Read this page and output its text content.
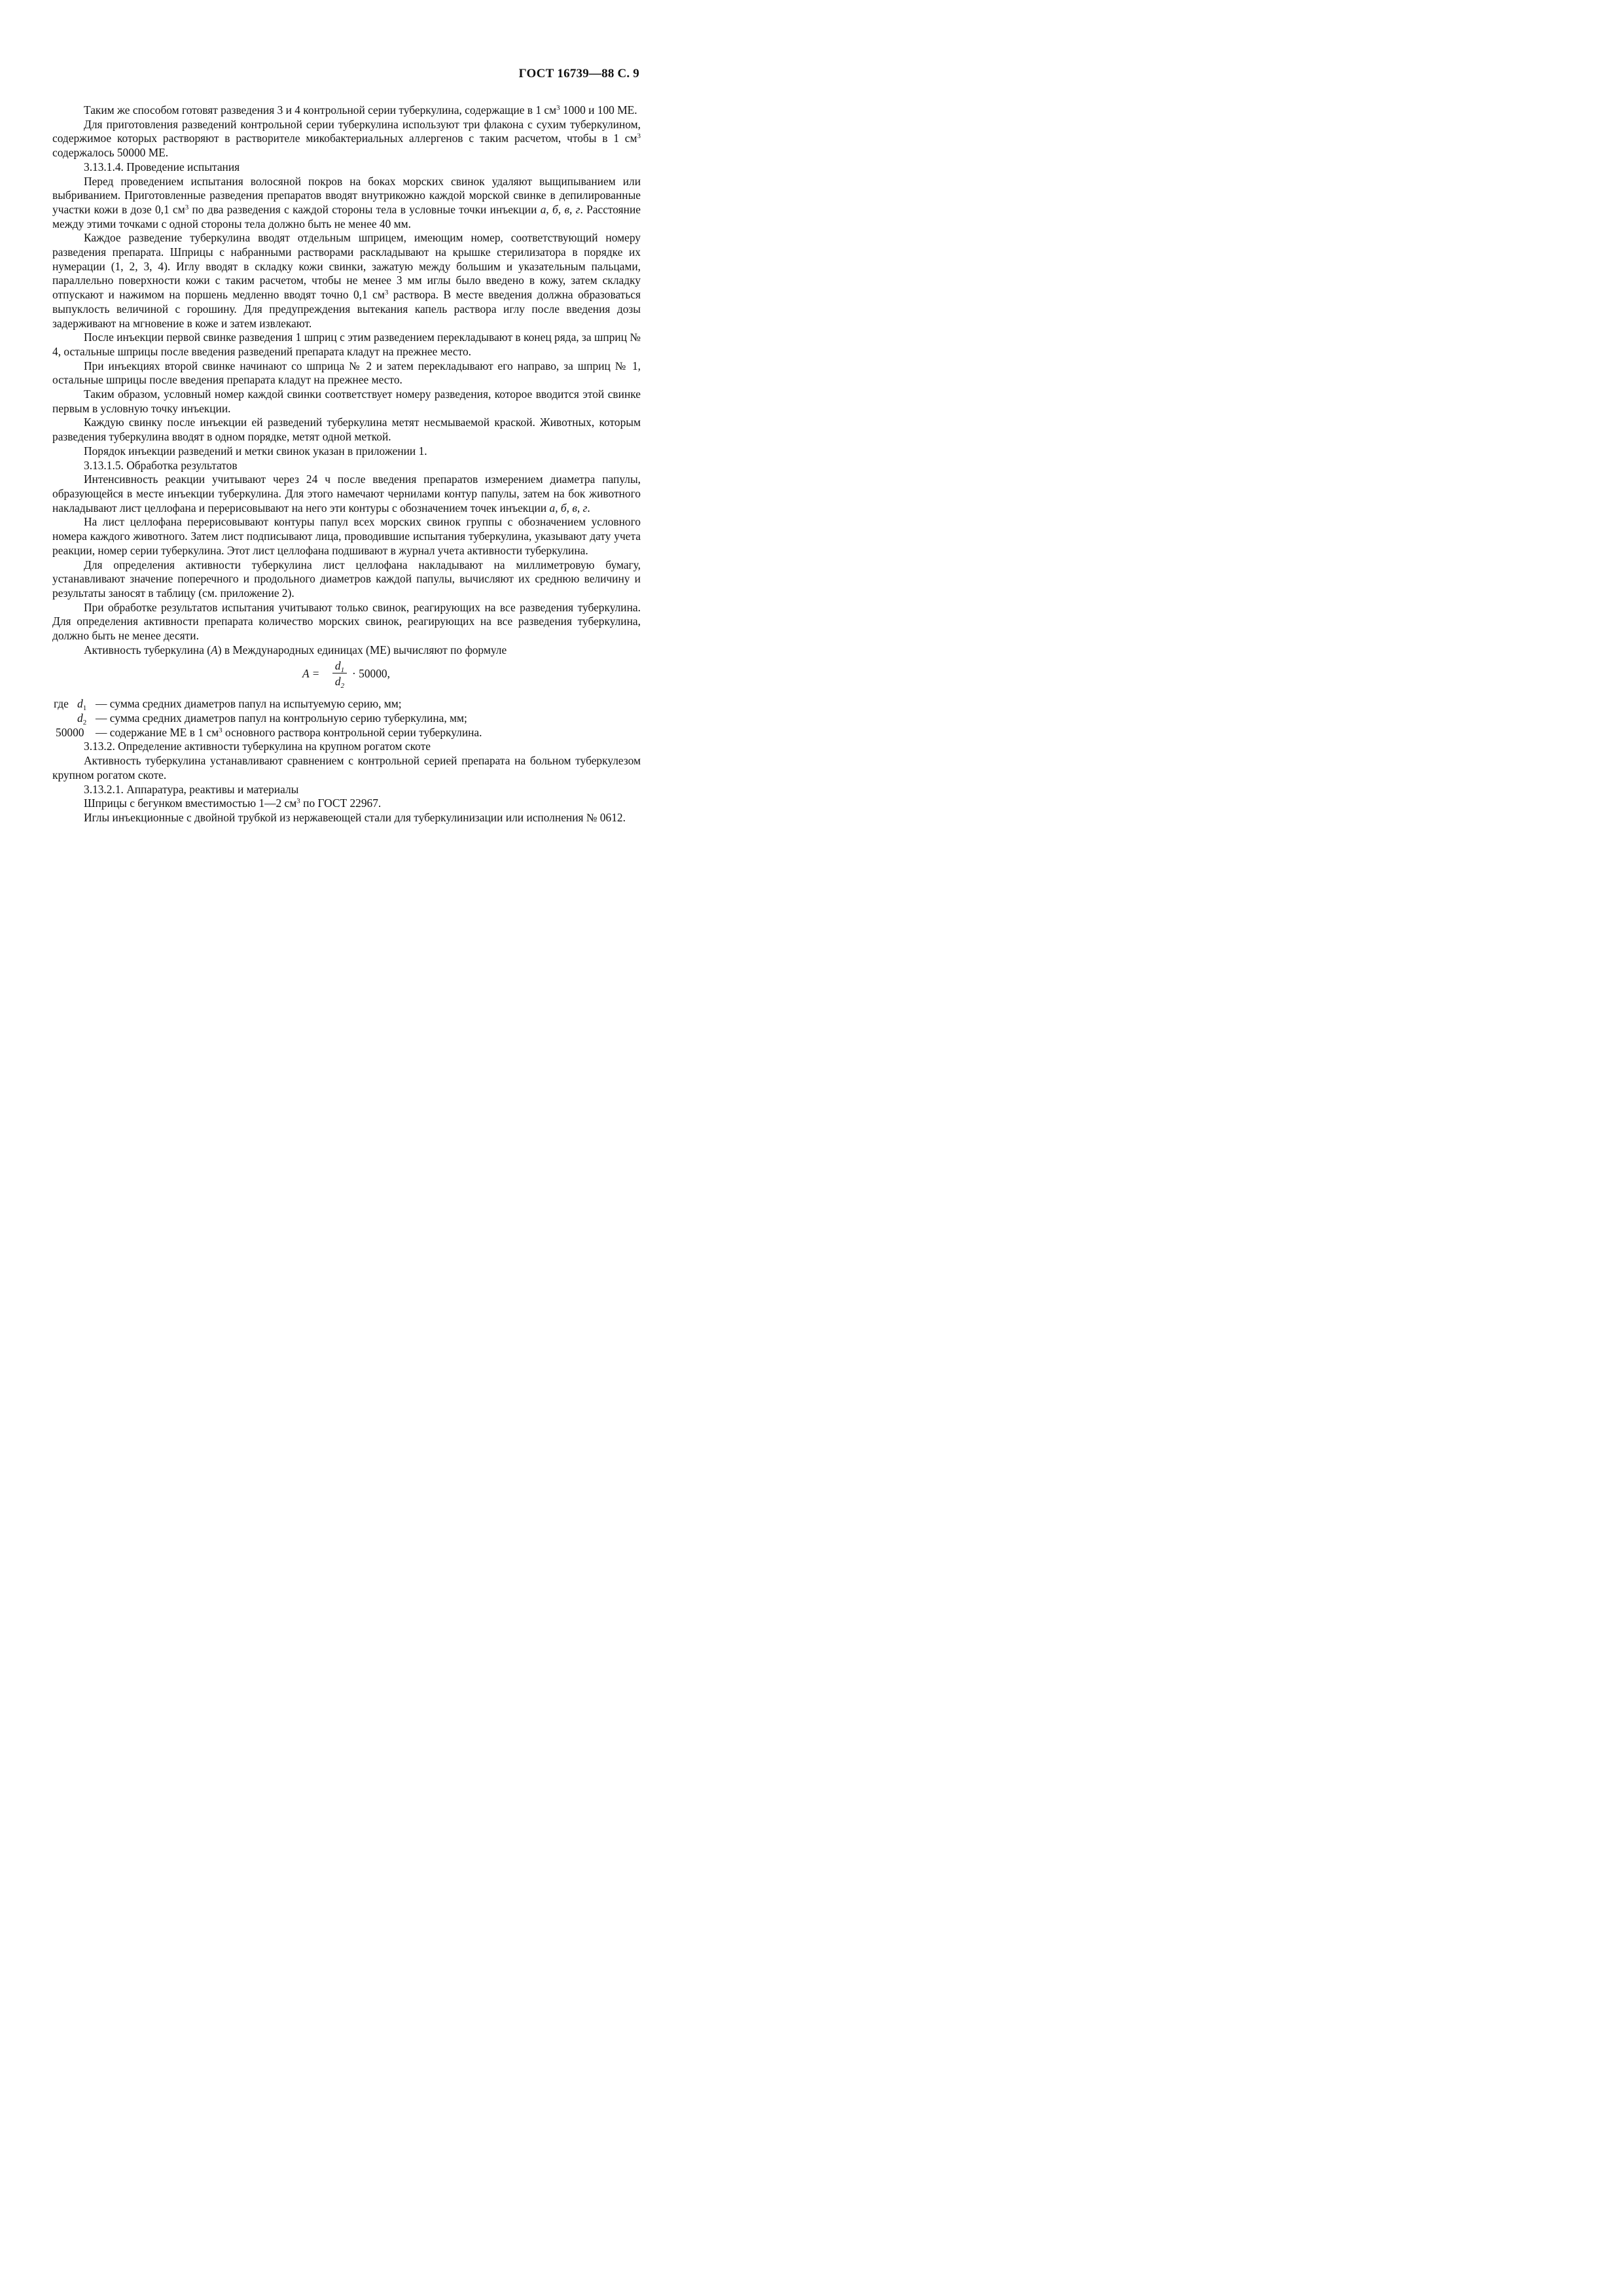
ГОСТ 16739—88 С. 9

Таким же способом готовят разведения 3 и 4 контрольной серии туберкулина, содержащие в 1 $см^3$ 1000 и 100 МЕ.

Для приготовления разведений контрольной серии туберкулина используют три флакона с сухим туберкулином, содержимое которых растворяют в растворителе микобактериальных аллергенов с таким расчетом, чтобы в 1 $см^3$ содержалось 50000 МЕ.

3.13.1.4. Проведение испытания

Перед проведением испытания волосяной покров на боках морских свинок удаляют выщипыванием или выбриванием. Приготовленные разведения препаратов вводят внутрикожно каждой морской свинке в депилированные участки кожи в дозе 0,1 $см^3$ по два разведения с каждой стороны тела в условные точки инъекции а, б, в, г. Расстояние между этими точками с одной стороны тела должно быть не менее 40 мм.

Каждое разведение туберкулина вводят отдельным шприцем, имеющим номер, соответствующий номеру разведения препарата. Шприцы с набранными растворами раскладывают на крышке стерилизатора в порядке их нумерации (1, 2, 3, 4). Иглу вводят в складку кожи свинки, зажатую между большим и указательным пальцами, параллельно поверхности кожи с таким расчетом, чтобы не менее 3 мм иглы было введено в кожу, затем складку отпускают и нажимом на поршень медленно вводят точно 0,1 $см^3$ раствора. В месте введения должна образоваться выпуклость величиной с горошину. Для предупреждения вытекания капель раствора иглу после введения дозы задерживают на мгновение в коже и затем извлекают.

После инъекции первой свинке разведения 1 шприц с этим разведением перекладывают в конец ряда, за шприц № 4, остальные шприцы после введения разведений препарата кладут на прежнее место.

При инъекциях второй свинке начинают со шприца № 2 и затем перекладывают его направо, за шприц № 1, остальные шприцы после введения препарата кладут на прежнее место.

Таким образом, условный номер каждой свинки соответствует номеру разведения, которое вводится этой свинке первым в условную точку инъекции.

Каждую свинку после инъекции ей разведений туберкулина метят несмываемой краской. Животных, которым разведения туберкулина вводят в одном порядке, метят одной меткой.

Порядок инъекции разведений и метки свинок указан в приложении 1.

3.13.1.5. Обработка результатов

Интенсивность реакции учитывают через 24 ч после введения препаратов измерением диаметра папулы, образующейся в месте инъекции туберкулина. Для этого намечают чернилами контур папулы, затем на бок животного накладывают лист целлофана и перерисовывают на него эти контуры с обозначением точек инъекции а, б, в, г.

На лист целлофана перерисовывают контуры папул всех морских свинок группы с обозначением условного номера каждого животного. Затем лист подписывают лица, проводившие испытания туберкулина, указывают дату учета реакции, номер серии туберкулина. Этот лист целлофана подшивают в журнал учета активности туберкулина.

Для определения активности туберкулина лист целлофана накладывают на миллиметровую бумагу, устанавливают значение поперечного и продольного диаметров каждой папулы, вычисляют их среднюю величину и результаты заносят в таблицу (см. приложение 2).

При обработке результатов испытания учитывают только свинок, реагирующих на все разведения туберкулина. Для определения активности препарата количество морских свинок, реагирующих на все разведения туберкулина, должно быть не менее десяти.

Активность туберкулина (А) в Международных единицах (МЕ) вычисляют по формуле

A =
$d_1$
$d_2$
· 50000,
где $d_1$ — сумма средних диаметров папул на испытуемую серию, мм;
$d_2$ — сумма средних диаметров папул на контрольную серию туберкулина, мм;
50000 — содержание МЕ в 1 $см^3$ основного раствора контрольной серии туберкулина.

3.13.2. Определение активности туберкулина на крупном рогатом скоте

Активность туберкулина устанавливают сравнением с контрольной серией препарата на больном туберкулезом крупном рогатом скоте.

3.13.2.1. Аппаратура, реактивы и материалы

Шприцы с бегунком вместимостью 1—2 $см^3$ по ГОСТ 22967.

Иглы инъекционные с двойной трубкой из нержавеющей стали для туберкулинизации или исполнения № 0612.
